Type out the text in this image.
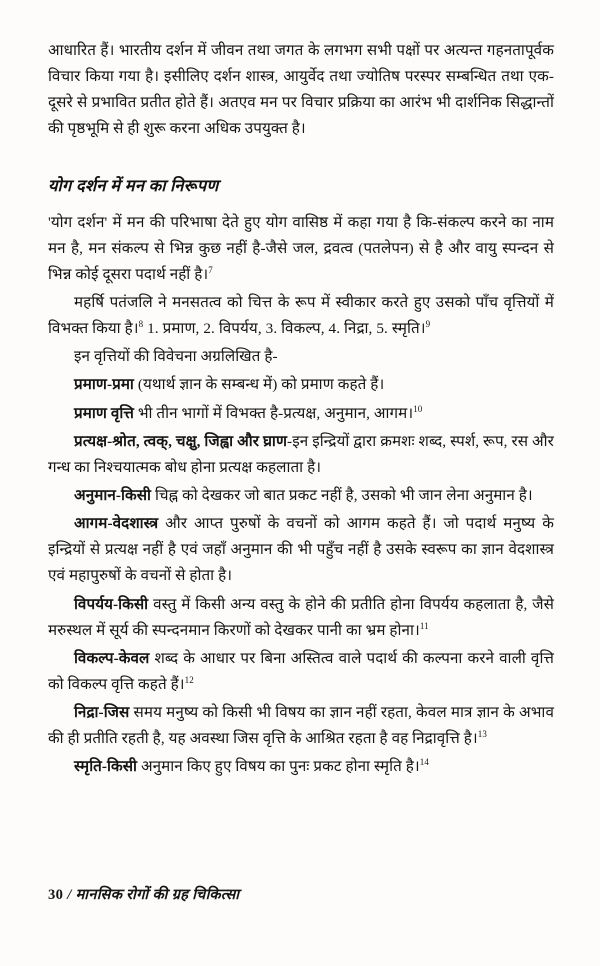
आधारित हैं। भारतीय दर्शन में जीवन तथा जगत के लगभग सभी पक्षों पर अत्यन्त गहनतापूर्वक विचार किया गया है। इसीलिए दर्शन शास्त्र, आयुर्वेद तथा ज्योतिष परस्पर सम्बन्धित तथा एक-दूसरे से प्रभावित प्रतीत होते हैं। अतएव मन पर विचार प्रक्रिया का आरंभ भी दार्शनिक सिद्धान्तों की पृष्ठभूमि से ही शुरू करना अधिक उपयुक्त है।

योग दर्शन में मन का निरूपण

'योग दर्शन' में मन की परिभाषा देते हुए योग वासिष्ठ में कहा गया है कि-संकल्प करने का नाम मन है, मन संकल्प से भिन्न कुछ नहीं है-जैसे जल, द्रवत्व (पतलेपन) से है और वायु स्पन्दन से भिन्न कोई दूसरा पदार्थ नहीं है।$^7$

महर्षि पतंजलि ने मनसतत्व को चित्त के रूप में स्वीकार करते हुए उसको पाँच वृत्तियों में विभक्त किया है।$^8$ 1. प्रमाण, 2. विपर्यय, 3. विकल्प, 4. निद्रा, 5. स्मृति।$^9$

इन वृत्तियों की विवेचना अग्रलिखित है-

प्रमाण-प्रमा (यथार्थ ज्ञान के सम्बन्ध में) को प्रमाण कहते हैं।

प्रमाण वृत्ति भी तीन भागों में विभक्त है-प्रत्यक्ष, अनुमान, आगम।$^{10}$

प्रत्यक्ष-श्रोत, त्वक्, चक्षु, जिह्वा और घ्राण-इन इन्द्रियों द्वारा क्रमशः शब्द, स्पर्श, रूप, रस और गन्ध का निश्चयात्मक बोध होना प्रत्यक्ष कहलाता है।

अनुमान-किसी चिह्न को देखकर जो बात प्रकट नहीं है, उसको भी जान लेना अनुमान है।

आगम-वेदशास्त्र और आप्त पुरुषों के वचनों को आगम कहते हैं। जो पदार्थ मनुष्य के इन्द्रियों से प्रत्यक्ष नहीं है एवं जहाँ अनुमान की भी पहुँच नहीं है उसके स्वरूप का ज्ञान वेदशास्त्र एवं महापुरुषों के वचनों से होता है।

विपर्यय-किसी वस्तु में किसी अन्य वस्तु के होने की प्रतीति होना विपर्यय कहलाता है, जैसे मरुस्थल में सूर्य की स्पन्दनमान किरणों को देखकर पानी का भ्रम होना।$^{11}$

विकल्प-केवल शब्द के आधार पर बिना अस्तित्व वाले पदार्थ की कल्पना करने वाली वृत्ति को विकल्प वृत्ति कहते हैं।$^{12}$

निद्रा-जिस समय मनुष्य को किसी भी विषय का ज्ञान नहीं रहता, केवल मात्र ज्ञान के अभाव की ही प्रतीति रहती है, यह अवस्था जिस वृत्ति के आश्रित रहता है वह निद्रावृत्ति है।$^{13}$

स्मृति-किसी अनुमान किए हुए विषय का पुनः प्रकट होना स्मृति है।$^{14}$

30 / मानसिक रोगों की ग्रह चिकित्सा
